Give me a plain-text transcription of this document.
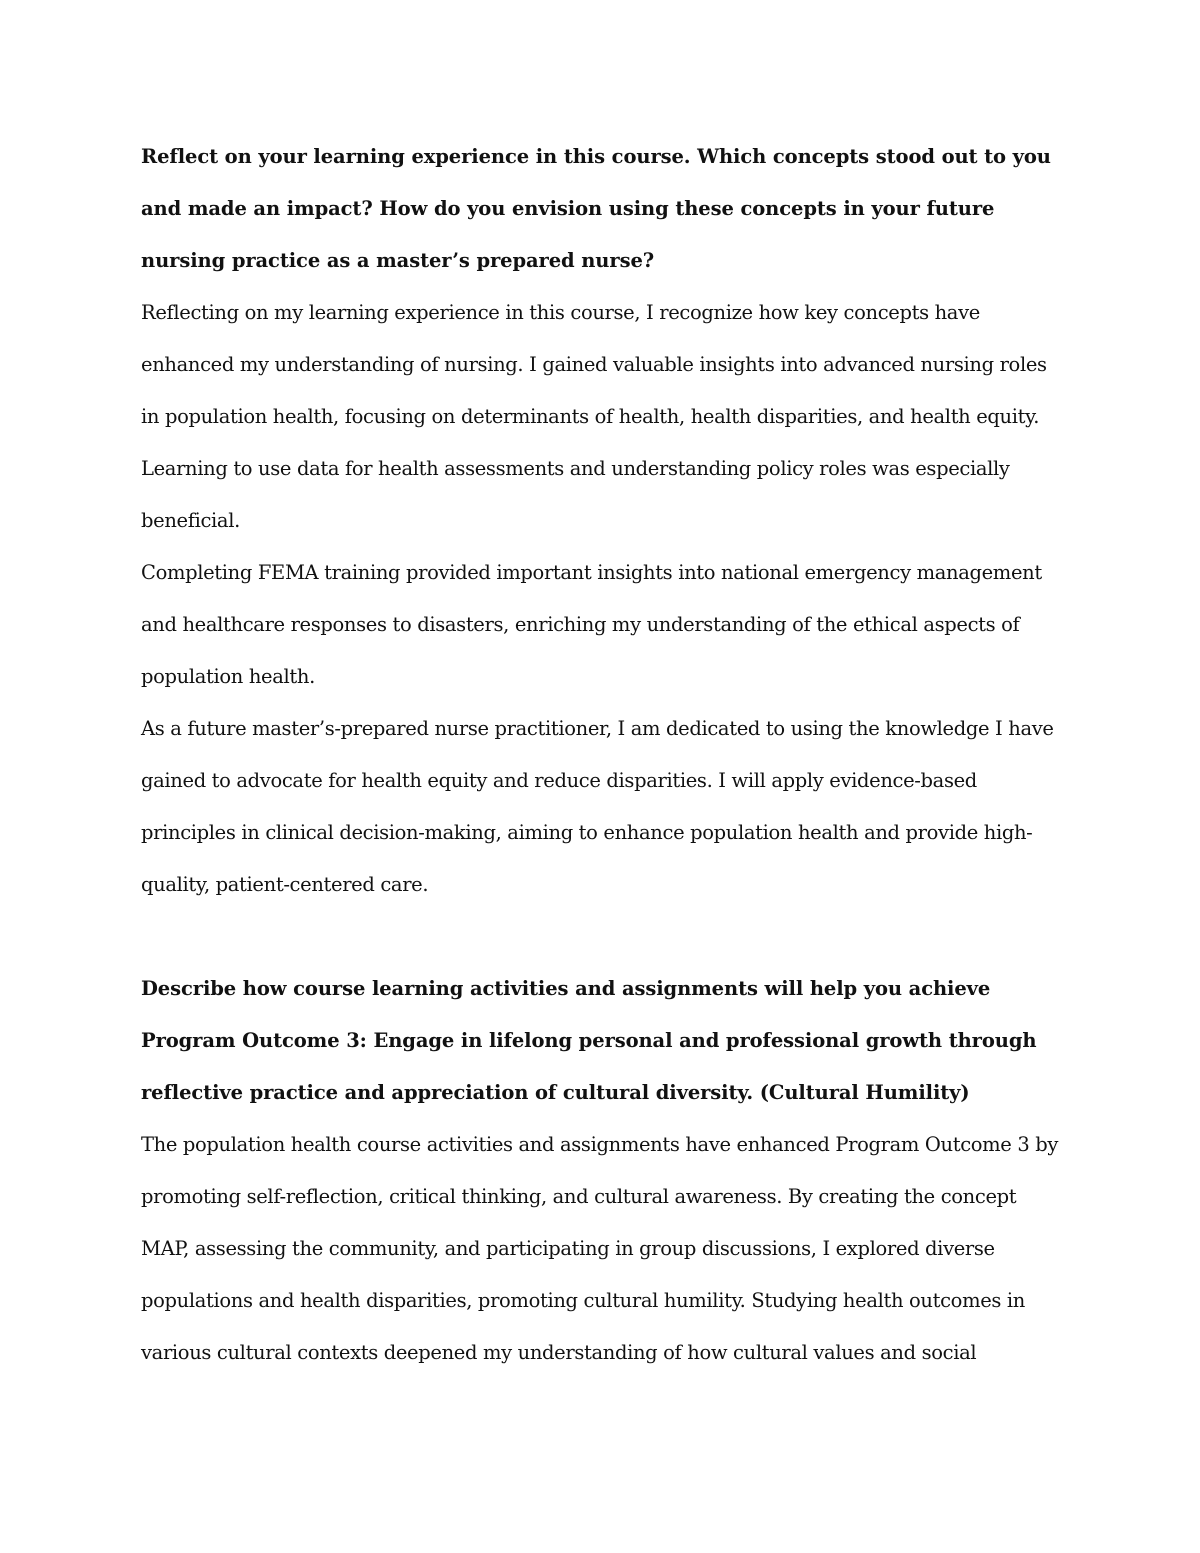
Reflect on your learning experience in this course. Which concepts stood out to you and made an impact? How do you envision using these concepts in your future nursing practice as a master’s prepared nurse?

Reflecting on my learning experience in this course, I recognize how key concepts have enhanced my understanding of nursing. I gained valuable insights into advanced nursing roles in population health, focusing on determinants of health, health disparities, and health equity. Learning to use data for health assessments and understanding policy roles was especially beneficial.

Completing FEMA training provided important insights into national emergency management and healthcare responses to disasters, enriching my understanding of the ethical aspects of population health.

As a future master’s-prepared nurse practitioner, I am dedicated to using the knowledge I have gained to advocate for health equity and reduce disparities. I will apply evidence-based principles in clinical decision-making, aiming to enhance population health and provide high-quality, patient-centered care.

Describe how course learning activities and assignments will help you achieve Program Outcome 3: Engage in lifelong personal and professional growth through reflective practice and appreciation of cultural diversity. (Cultural Humility)

The population health course activities and assignments have enhanced Program Outcome 3 by promoting self-reflection, critical thinking, and cultural awareness. By creating the concept MAP, assessing the community, and participating in group discussions, I explored diverse populations and health disparities, promoting cultural humility. Studying health outcomes in various cultural contexts deepened my understanding of how cultural values and social
